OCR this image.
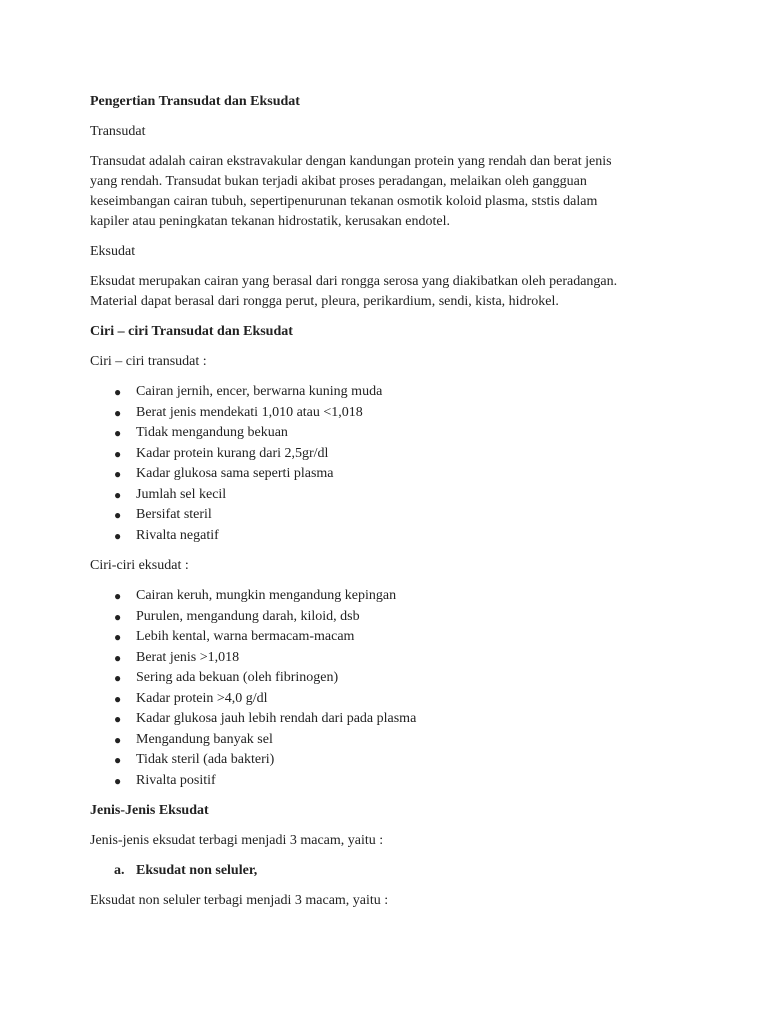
Pengertian Transudat dan Eksudat

Transudat

Transudat adalah cairan ekstravakular dengan kandungan protein yang rendah dan berat jenis

yang rendah. Transudat bukan terjadi akibat proses peradangan, melaikan oleh gangguan

keseimbangan cairan tubuh, sepertipenurunan tekanan osmotik koloid plasma, ststis dalam

kapiler atau peningkatan tekanan hidrostatik, kerusakan endotel.

Eksudat

Eksudat merupakan cairan yang berasal dari rongga serosa yang diakibatkan oleh peradangan.

Material dapat berasal dari rongga perut, pleura, perikardium, sendi, kista, hidrokel.

Ciri – ciri Transudat dan Eksudat

Ciri – ciri transudat :

● Cairan jernih, encer, berwarna kuning muda
● Berat jenis mendekati 1,010 atau <1,018
● Tidak mengandung bekuan
● Kadar protein kurang dari 2,5gr/dl
● Kadar glukosa sama seperti plasma
● Jumlah sel kecil
● Bersifat steril
● Rivalta negatif

Ciri-ciri eksudat :

● Cairan keruh, mungkin mengandung kepingan
● Purulen, mengandung darah, kiloid, dsb
● Lebih kental, warna bermacam-macam
● Berat jenis >1,018
● Sering ada bekuan (oleh fibrinogen)
● Kadar protein >4,0 g/dl
● Kadar glukosa jauh lebih rendah dari pada plasma
● Mengandung banyak sel
● Tidak steril (ada bakteri)
● Rivalta positif

Jenis-Jenis Eksudat

Jenis-jenis eksudat terbagi menjadi 3 macam, yaitu :

a. Eksudat non seluler,

Eksudat non seluler terbagi menjadi 3 macam, yaitu :
